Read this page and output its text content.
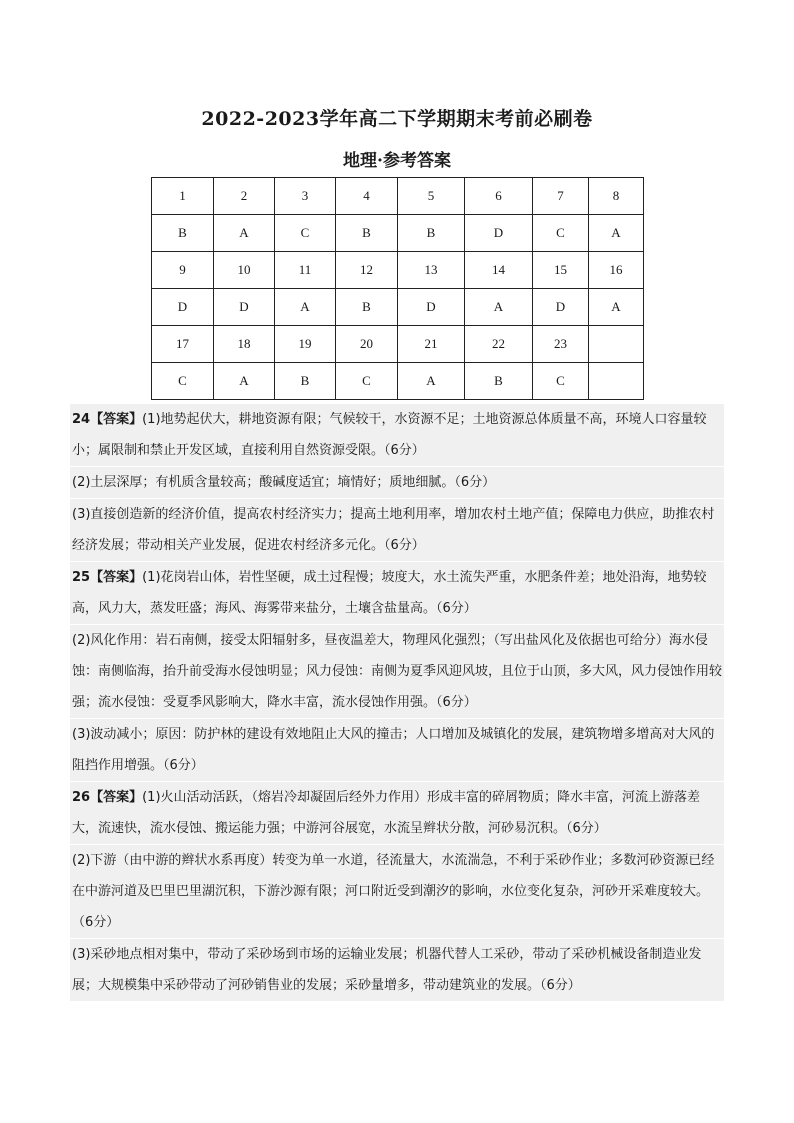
2022-2023学年高二下学期期末考前必刷卷
地理·参考答案
1	2	3	4	5	6	7	8
B	A	C	B	B	D	C	A
9	10	11	12	13	14	15	16
D	D	A	B	D	A	D	A
17	18	19	20	21	22	23	
C	A	B	C	A	B	C	
24【答案】(1)地势起伏大，耕地资源有限；气候较干，水资源不足；土地资源总体质量不高，环境人口容量较小；属限制和禁止开发区域，直接利用自然资源受限。（6分）
(2)土层深厚；有机质含量较高；酸碱度适宜；墒情好；质地细腻。（6分）
(3)直接创造新的经济价值，提高农村经济实力；提高土地利用率，增加农村土地产值；保障电力供应，助推农村经济发展；带动相关产业发展，促进农村经济多元化。（6分）
25【答案】(1)花岗岩山体，岩性坚硬，成土过程慢；坡度大，水土流失严重，水肥条件差；地处沿海，地势较高，风力大，蒸发旺盛；海风、海雾带来盐分，土壤含盐量高。（6分）
(2)风化作用：岩石南侧，接受太阳辐射多，昼夜温差大，物理风化强烈；（写出盐风化及依据也可给分）海水侵蚀：南侧临海，抬升前受海水侵蚀明显；风力侵蚀：南侧为夏季风迎风坡，且位于山顶，多大风，风力侵蚀作用较强；流水侵蚀：受夏季风影响大，降水丰富，流水侵蚀作用强。（6分）
(3)波动减小；原因：防护林的建设有效地阻止大风的撞击；人口增加及城镇化的发展，建筑物增多增高对大风的阻挡作用增强。（6分）
26【答案】(1)火山活动活跃，（熔岩冷却凝固后经外力作用）形成丰富的碎屑物质；降水丰富，河流上游落差大，流速快，流水侵蚀、搬运能力强；中游河谷展宽，水流呈辫状分散，河砂易沉积。（6分）
(2)下游（由中游的辫状水系再度）转变为单一水道，径流量大，水流湍急，不利于采砂作业；多数河砂资源已经在中游河道及巴里巴里湖沉积，下游沙源有限；河口附近受到潮汐的影响，水位变化复杂，河砂开采难度较大。（6分）
(3)采砂地点相对集中，带动了采砂场到市场的运输业发展；机器代替人工采砂，带动了采砂机械设备制造业发展；大规模集中采砂带动了河砂销售业的发展；采砂量增多，带动建筑业的发展。（6分）
